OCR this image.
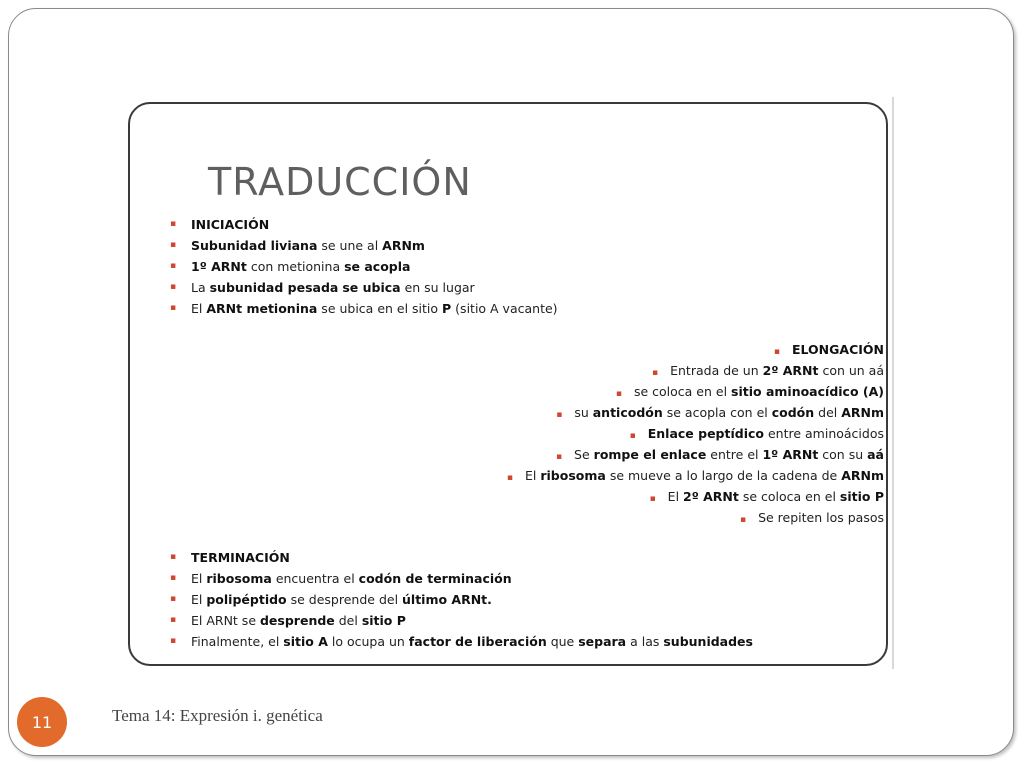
TRADUCCIÓN
▪ INICIACIÓN
▪ Subunidad liviana se une al ARNm
▪ 1º ARNt con metionina se acopla
▪ La subunidad pesada se ubica en su lugar
▪ El ARNt metionina se ubica en el sitio P (sitio A vacante)
▪ ELONGACIÓN
▪ Entrada de un 2º ARNt con un aá
▪ se coloca en el sitio aminoacídico (A)
▪ su anticodón se acopla con el codón del ARNm
▪ Enlace peptídico entre aminoácidos
▪ Se rompe el enlace entre el 1º ARNt con su aá
▪ El ribosoma se mueve a lo largo de la cadena de ARNm
▪ El 2º ARNt se coloca en el sitio P
▪ Se repiten los pasos
▪ TERMINACIÓN
▪ El ribosoma encuentra el codón de terminación
▪ El polipéptido se desprende del último ARNt.
▪ El ARNt se desprende del sitio P
▪ Finalmente, el sitio A lo ocupa un factor de liberación que separa a las subunidades
11	Tema 14: Expresión i. genética
